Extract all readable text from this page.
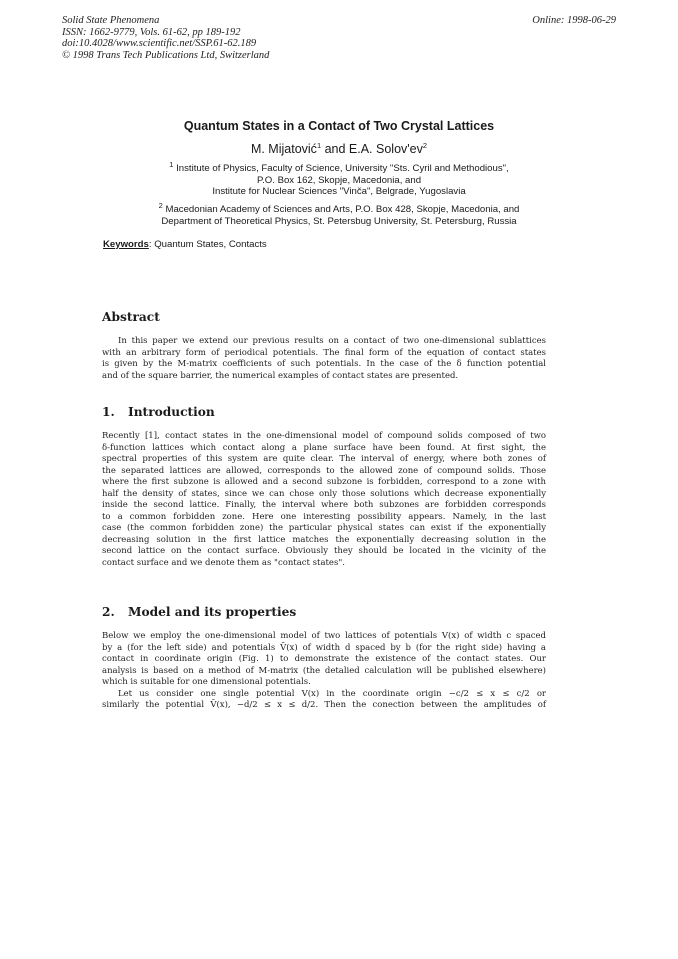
Solid State Phenomena
ISSN: 1662-9779, Vols. 61-62, pp 189-192
doi:10.4028/www.scientific.net/SSP.61-62.189
© 1998 Trans Tech Publications Ltd, Switzerland
Online: 1998-06-29
Quantum States in a Contact of Two Crystal Lattices
M. Mijatović$^1$ and E.A. $Solov'ev^2$
$^1$ Institute of Physics, Faculty of Science, University "Sts. Cyril and Methodious",
P.O. Box 162, Skopje, Macedonia, and
Institute for Nuclear Sciences "Vinča", Belgrade, Yugoslavia
$^2$ Macedonian Academy of Sciences and Arts, P.O. Box 428, Skopje, Macedonia, and
Department of Theoretical Physics, St. Petersbug University, St. Petersburg, Russia
Keywords: Quantum States, Contacts
Abstract
In this paper we extend our previous results on a contact of two one-dimensional sublattices
with an arbitrary form of periodical potentials. The final form of the equation of contact states
is given by the M-matrix coefficients of such potentials. In the case of the δ function potential
and of the square barrier, the numerical examples of contact states are presented.
1. Introduction
Recently [1], contact states in the one-dimensional model of compound solids composed of two
δ-function lattices which contact along a plane surface have been found. At first sight, the
spectral properties of this system are quite clear. The interval of energy, where both zones of
the separated lattices are allowed, corresponds to the allowed zone of compound solids. Those
where the first subzone is allowed and a second subzone is forbidden, correspond to a zone with
half the density of states, since we can chose only those solutions which decrease exponentially
inside the second lattice. Finally, the interval where both subzones are forbidden corresponds
to a common forbidden zone. Here one interesting possibility appears. Namely, in the last
case (the common forbidden zone) the particular physical states can exist if the exponentially
decreasing solution in the first lattice matches the exponentially decreasing solution in the
second lattice on the contact surface. Obviously they should be located in the vicinity of the
contact surface and we denote them as "contact states".
2. Model and its properties
Below we employ the one-dimensional model of two lattices of potentials V(x) of width c spaced
by a (for the left side) and potentials V̄(x) of width d spaced by b (for the right side) having a
contact in coordinate origin (Fig. 1) to demonstrate the existence of the contact states. Our
analysis is based on a method of M-matrix (the detalied calculation will be published elsewhere)
which is suitable for one dimensional potentials.
Let us consider one single potential V(x) in the coordinate origin −c/2 ≤ x ≤ c/2 or
similarly the potential V̄(x), −d/2 ≤ x ≤ d/2. Then the conection between the amplitudes of
